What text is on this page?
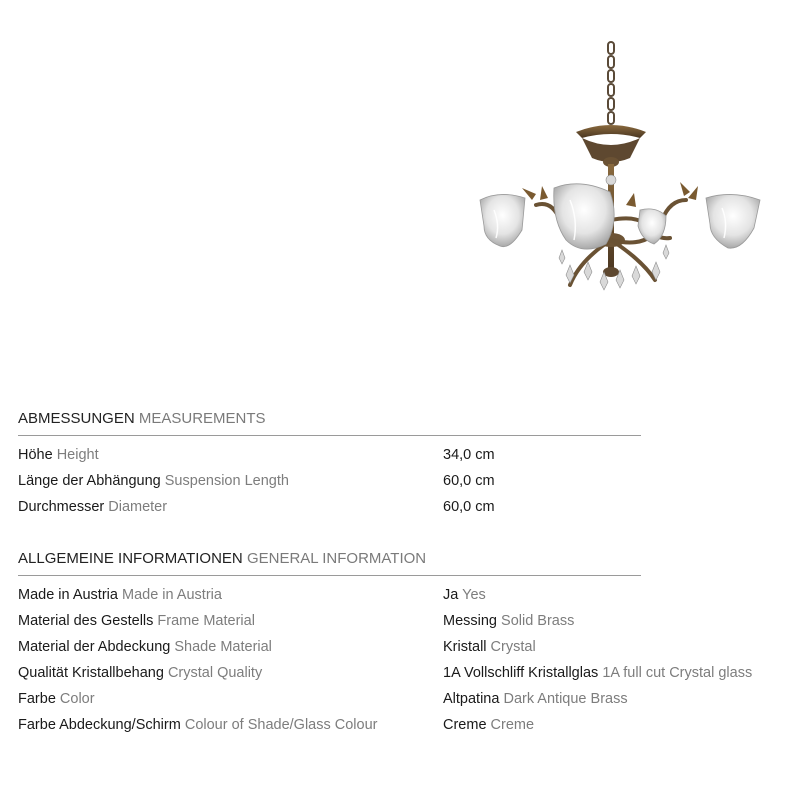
ABMESSUNGEN MEASUREMENTS
Höhe Height	34,0 cm
Länge der Abhängung Suspension Length	60,0 cm
Durchmesser Diameter	60,0 cm
ALLGEMEINE INFORMATIONEN GENERAL INFORMATION
Made in Austria Made in Austria	Ja Yes
Material des Gestells Frame Material	Messing Solid Brass
Material der Abdeckung Shade Material	Kristall Crystal
Qualität Kristallbehang Crystal Quality	1A Vollschliff Kristallglas 1A full cut Crystal glass
Farbe Color	Altpatina Dark Antique Brass
Farbe Abdeckung/Schirm Colour of Shade/Glass Colour	Creme Creme
